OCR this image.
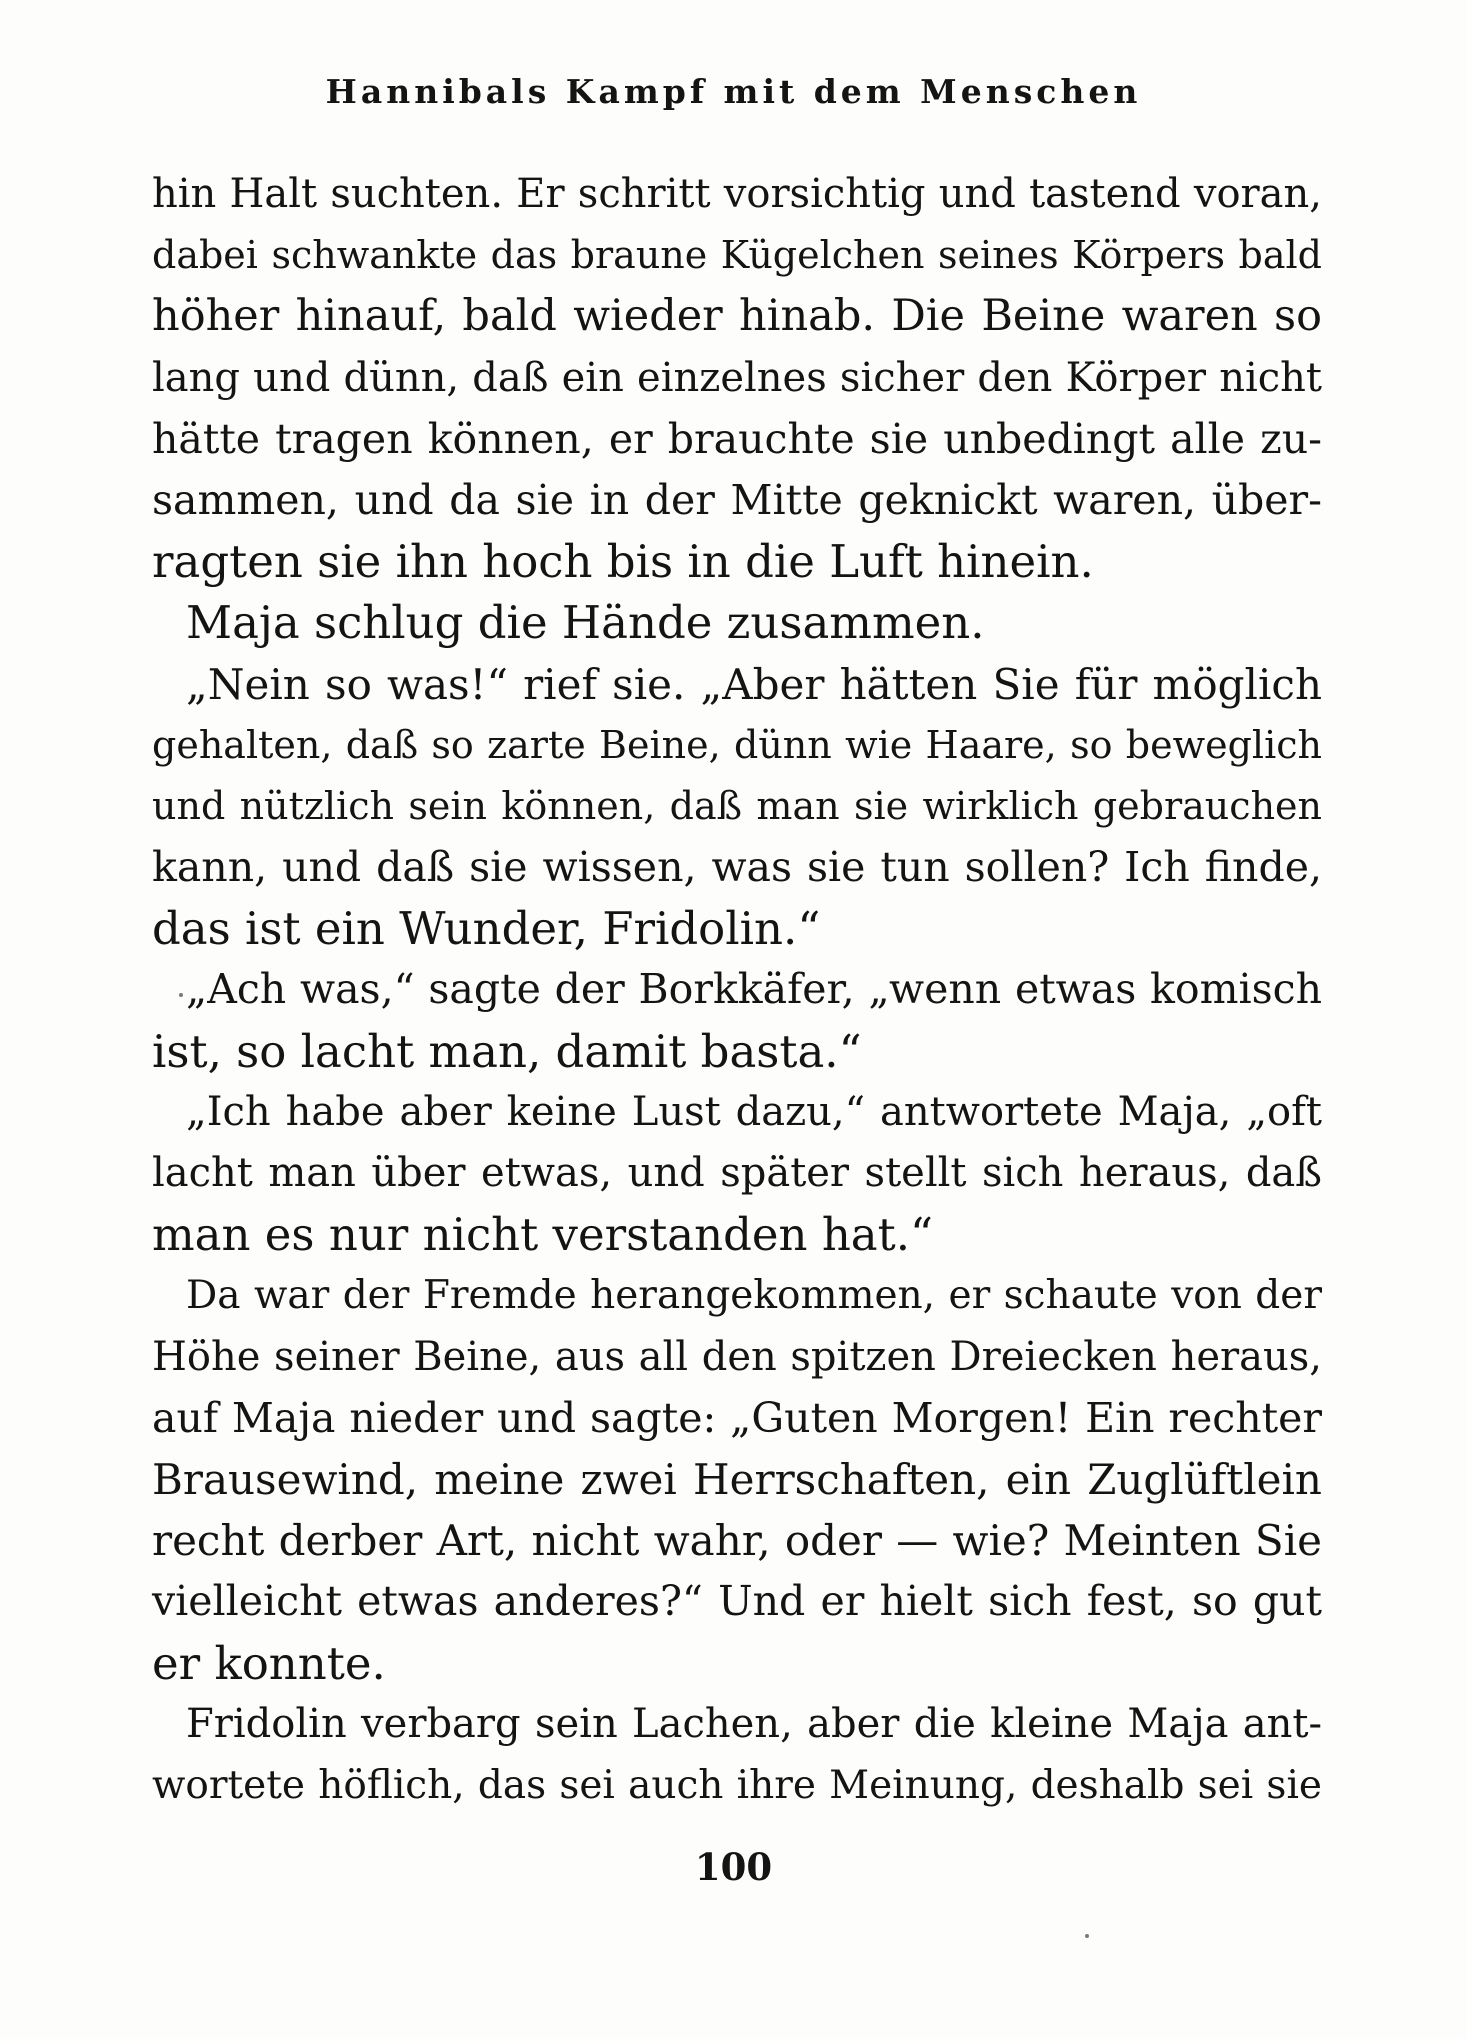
Hannibals Kampf mit dem Menschen
hin Halt suchten. Er schritt vorsichtig und tastend voran,
dabei schwankte das braune Kügelchen seines Körpers bald
höher hinauf, bald wieder hinab. Die Beine waren so
lang und dünn, daß ein einzelnes sicher den Körper nicht
hätte tragen können, er brauchte sie unbedingt alle zu-
sammen, und da sie in der Mitte geknickt waren, über-
ragten sie ihn hoch bis in die Luft hinein.
Maja schlug die Hände zusammen.
„Nein so was!“ rief sie. „Aber hätten Sie für möglich
gehalten, daß so zarte Beine, dünn wie Haare, so beweglich
und nützlich sein können, daß man sie wirklich gebrauchen
kann, und daß sie wissen, was sie tun sollen? Ich finde,
das ist ein Wunder, Fridolin.“
„Ach was,“ sagte der Borkkäfer, „wenn etwas komisch
ist, so lacht man, damit basta.“
„Ich habe aber keine Lust dazu,“ antwortete Maja, „oft
lacht man über etwas, und später stellt sich heraus, daß
man es nur nicht verstanden hat.“
Da war der Fremde herangekommen, er schaute von der
Höhe seiner Beine, aus all den spitzen Dreiecken heraus,
auf Maja nieder und sagte: „Guten Morgen! Ein rechter
Brausewind, meine zwei Herrschaften, ein Zuglüftlein
recht derber Art, nicht wahr, oder — wie? Meinten Sie
vielleicht etwas anderes?“ Und er hielt sich fest, so gut
er konnte.
Fridolin verbarg sein Lachen, aber die kleine Maja ant-
wortete höflich, das sei auch ihre Meinung, deshalb sei sie
100
